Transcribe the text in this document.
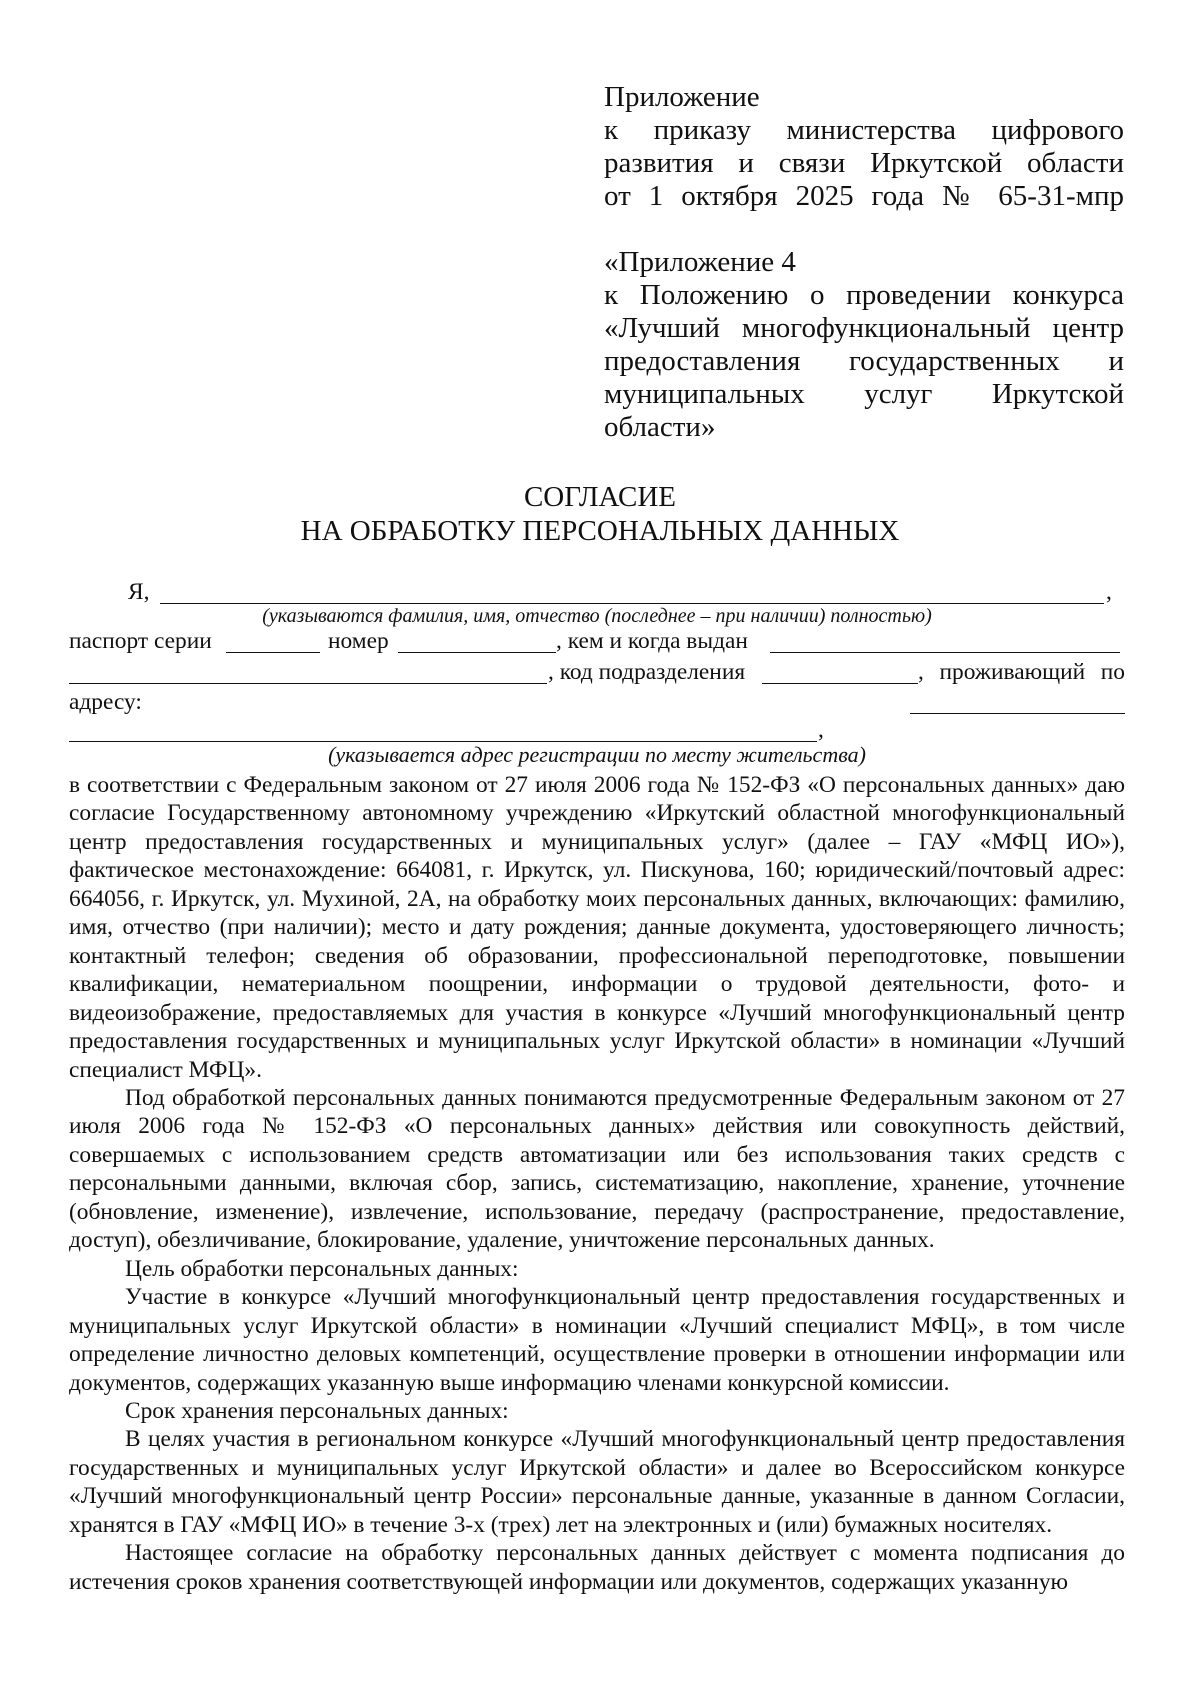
Приложение
к приказу министерства цифрового развития и связи Иркутской области
от 1 октября 2025 года № 65-31-мпр
«Приложение 4
к Положению о проведении конкурса «Лучший многофункциональный центр предоставления государственных и муниципальных услуг Иркутской
области»
СОГЛАСИЕ
НА ОБРАБОТКУ ПЕРСОНАЛЬНЫХ ДАННЫХ
Я,	,
(указываются фамилия, имя, отчество (последнее – при наличии) полностью)
паспорт серии	номер	, кем и когда выдан
, код подразделения	, проживающий по
адресу:
,
(указывается адрес регистрации по месту жительства)

в соответствии с Федеральным законом от 27 июля 2006 года № 152-ФЗ «О персональных данных» даю согласие Государственному автономному учреждению «Иркутский областной многофункциональный центр предоставления государственных и муниципальных услуг» (далее – ГАУ «МФЦ ИО»), фактическое местонахождение: 664081, г. Иркутск, ул. Пискунова, 160; юридический/почтовый адрес: 664056, г. Иркутск, ул. Мухиной, 2А, на обработку моих персональных данных, включающих: фамилию, имя, отчество (при наличии); место и дату рождения; данные документа, удостоверяющего личность; контактный телефон; сведения об образовании, профессиональной переподготовке, повышении квалификации, нематериальном поощрении, информации о трудовой деятельности, фото- и видеоизображение, предоставляемых для участия в конкурсе «Лучший многофункциональный центр предоставления государственных и муниципальных услуг Иркутской области» в номинации «Лучший специалист МФЦ».

Под обработкой персональных данных понимаются предусмотренные Федеральным законом от 27 июля 2006 года № 152-ФЗ «О персональных данных» действия или совокупность действий, совершаемых с использованием средств автоматизации или без использования таких средств с персональными данными, включая сбор, запись, систематизацию, накопление, хранение, уточнение (обновление, изменение), извлечение, использование, передачу (распространение, предоставление, доступ), обезличивание, блокирование, удаление, уничтожение персональных данных.

Цель обработки персональных данных:

Участие в конкурсе «Лучший многофункциональный центр предоставления государственных и муниципальных услуг Иркутской области» в номинации «Лучший специалист МФЦ», в том числе определение личностно деловых компетенций, осуществление проверки в отношении информации или документов, содержащих указанную выше информацию членами конкурсной комиссии.

Срок хранения персональных данных:

В целях участия в региональном конкурсе «Лучший многофункциональный центр предоставления государственных и муниципальных услуг Иркутской области» и далее во Всероссийском конкурсе «Лучший многофункциональный центр России» персональные данные, указанные в данном Согласии, хранятся в ГАУ «МФЦ ИО» в течение 3-х (трех) лет на электронных и (или) бумажных носителях.

Настоящее согласие на обработку персональных данных действует с момента подписания до истечения сроков хранения соответствующей информации или документов, содержащих указанную
